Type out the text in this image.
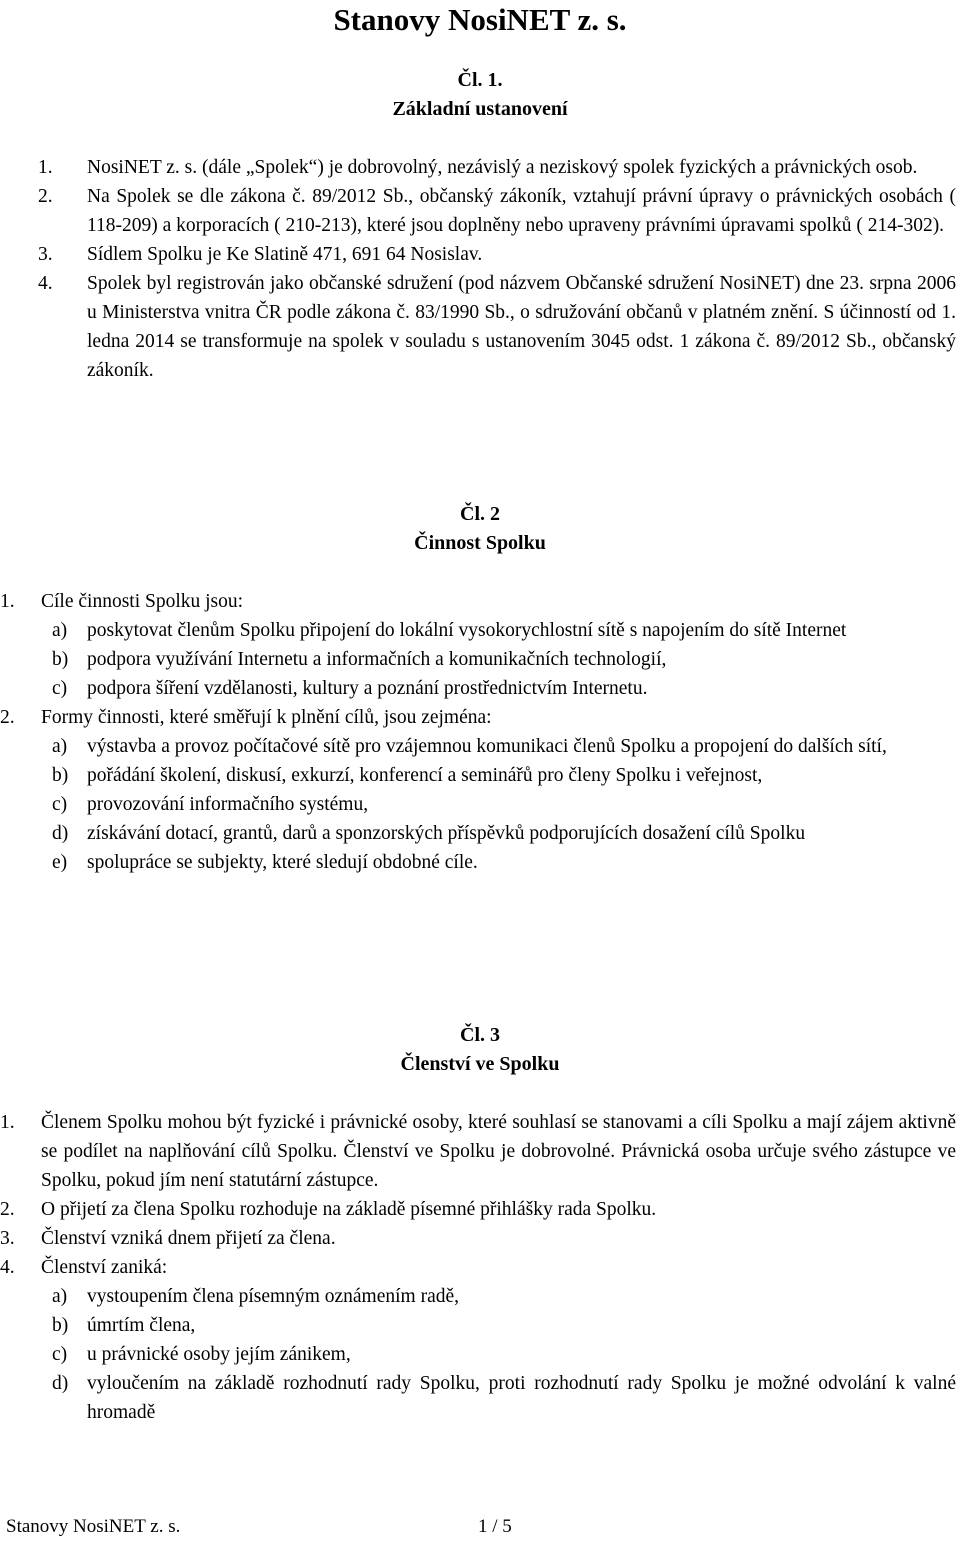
Stanovy NosiNET z. s.
Čl. 1.
Základní ustanovení
1. NosiNET z. s. (dále „Spolek“) je dobrovolný, nezávislý a neziskový spolek fyzických a právnických osob.
2. Na Spolek se dle zákona č. 89/2012 Sb., občanský zákoník, vztahují právní úpravy o právnických osobách ( 118-209) a korporacích ( 210-213), které jsou doplněny nebo upraveny právními úpravami spolků ( 214-302).
3. Sídlem Spolku je Ke Slatině 471, 691 64 Nosislav.
4. Spolek byl registrován jako občanské sdružení (pod názvem Občanské sdružení NosiNET) dne 23. srpna 2006 u Ministerstva vnitra ČR podle zákona č. 83/1990 Sb., o sdružování občanů v platném znění. S účinností od 1. ledna 2014 se transformuje na spolek v souladu s ustanovením 3045 odst. 1 zákona č. 89/2012 Sb., občanský zákoník.
Čl. 2
Činnost Spolku
1. Cíle činnosti Spolku jsou:
a) poskytovat členům Spolku připojení do lokální vysokorychlostní sítě s napojením do sítě Internet
b) podpora využívání Internetu a informačních a komunikačních technologií,
c) podpora šíření vzdělanosti, kultury a poznání prostřednictvím Internetu.
2. Formy činnosti, které směřují k plnění cílů, jsou zejména:
a) výstavba a provoz počítačové sítě pro vzájemnou komunikaci členů Spolku a propojení do dalších sítí,
b) pořádání školení, diskusí, exkurzí, konferencí a seminářů pro členy Spolku i veřejnost,
c) provozování informačního systému,
d) získávání dotací, grantů, darů a sponzorských příspěvků podporujících dosažení cílů Spolku
e) spolupráce se subjekty, které sledují obdobné cíle.
Čl. 3
Členství ve Spolku
1. Členem Spolku mohou být fyzické i právnické osoby, které souhlasí se stanovami a cíli Spolku a mají zájem aktivně se podílet na naplňování cílů Spolku. Členství ve Spolku je dobrovolné. Právnická osoba určuje svého zástupce ve Spolku, pokud jím není statutární zástupce.
2. O přijetí za člena Spolku rozhoduje na základě písemné přihlášky rada Spolku.
3. Členství vzniká dnem přijetí za člena.
4. Členství zaniká:
a) vystoupením člena písemným oznámením radě,
b) úmrtím člena,
c) u právnické osoby jejím zánikem,
d) vyloučením na základě rozhodnutí rady Spolku, proti rozhodnutí rady Spolku je možné odvolání k valné hromadě
Stanovy NosiNET z. s.	1 / 5
